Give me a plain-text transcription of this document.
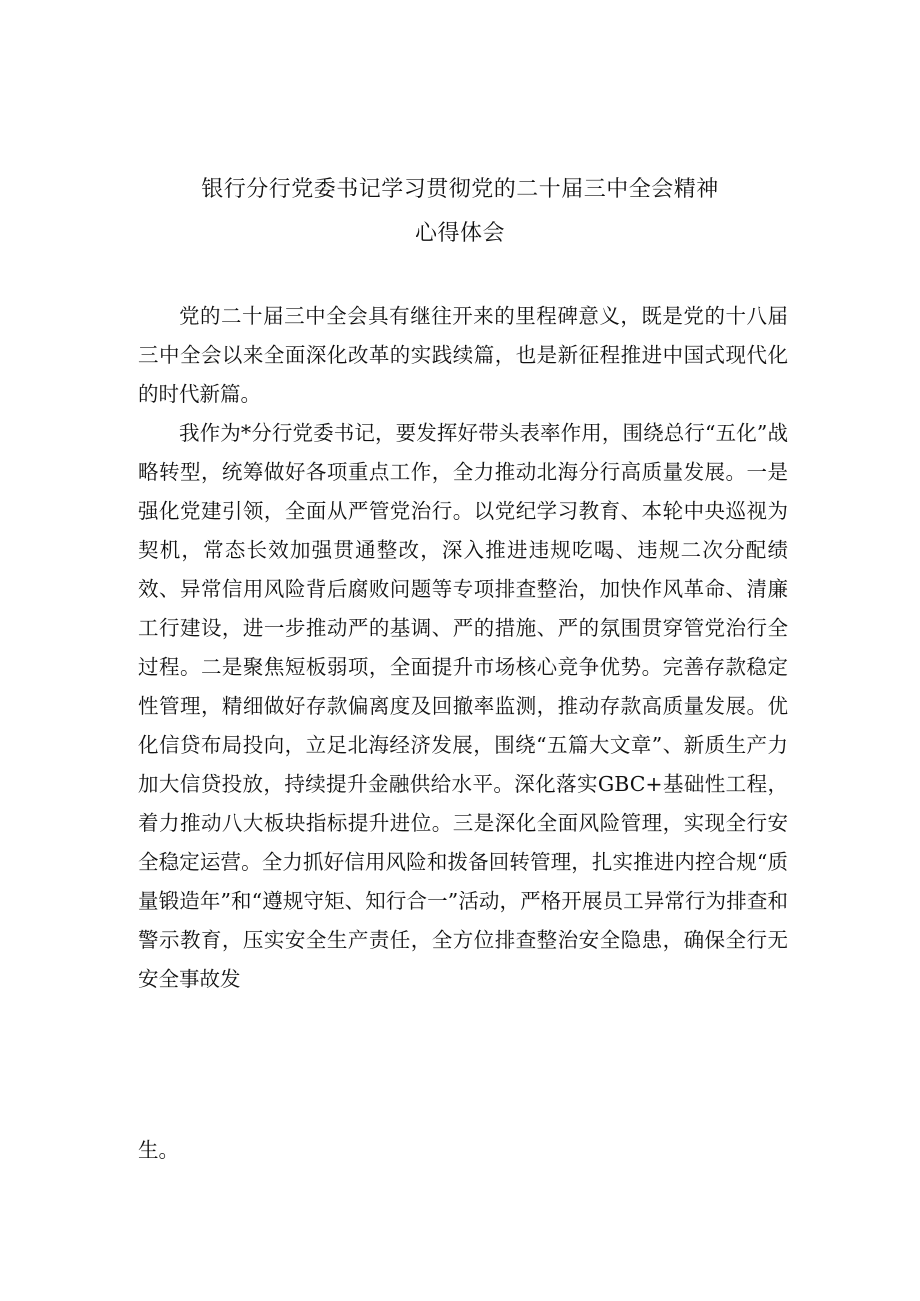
银行分行党委书记学习贯彻党的二十届三中全会精神
心得体会

党的二十届三中全会具有继往开来的里程碑意义，既是党的十八届三中全会以来全面深化改革的实践续篇，也是新征程推进中国式现代化的时代新篇。

我作为*分行党委书记，要发挥好带头表率作用，围绕总行“五化”战略转型，统筹做好各项重点工作，全力推动北海分行高质量发展。一是强化党建引领，全面从严管党治行。以党纪学习教育、本轮中央巡视为契机，常态长效加强贯通整改，深入推进违规吃喝、违规二次分配绩效、异常信用风险背后腐败问题等专项排查整治，加快作风革命、清廉工行建设，进一步推动严的基调、严的措施、严的氛围贯穿管党治行全过程。二是聚焦短板弱项，全面提升市场核心竞争优势。完善存款稳定性管理，精细做好存款偏离度及回撤率监测，推动存款高质量发展。优化信贷布局投向，立足北海经济发展，围绕“五篇大文章”、新质生产力加大信贷投放，持续提升金融供给水平。深化落实GBC+基础性工程，着力推动八大板块指标提升进位。三是深化全面风险管理，实现全行安全稳定运营。全力抓好信用风险和拨备回转管理，扎实推进内控合规“质量锻造年”和“遵规守矩、知行合一”活动，严格开展员工异常行为排查和警示教育，压实安全生产责任，全方位排查整治安全隐患，确保全行无安全事故发

生。
